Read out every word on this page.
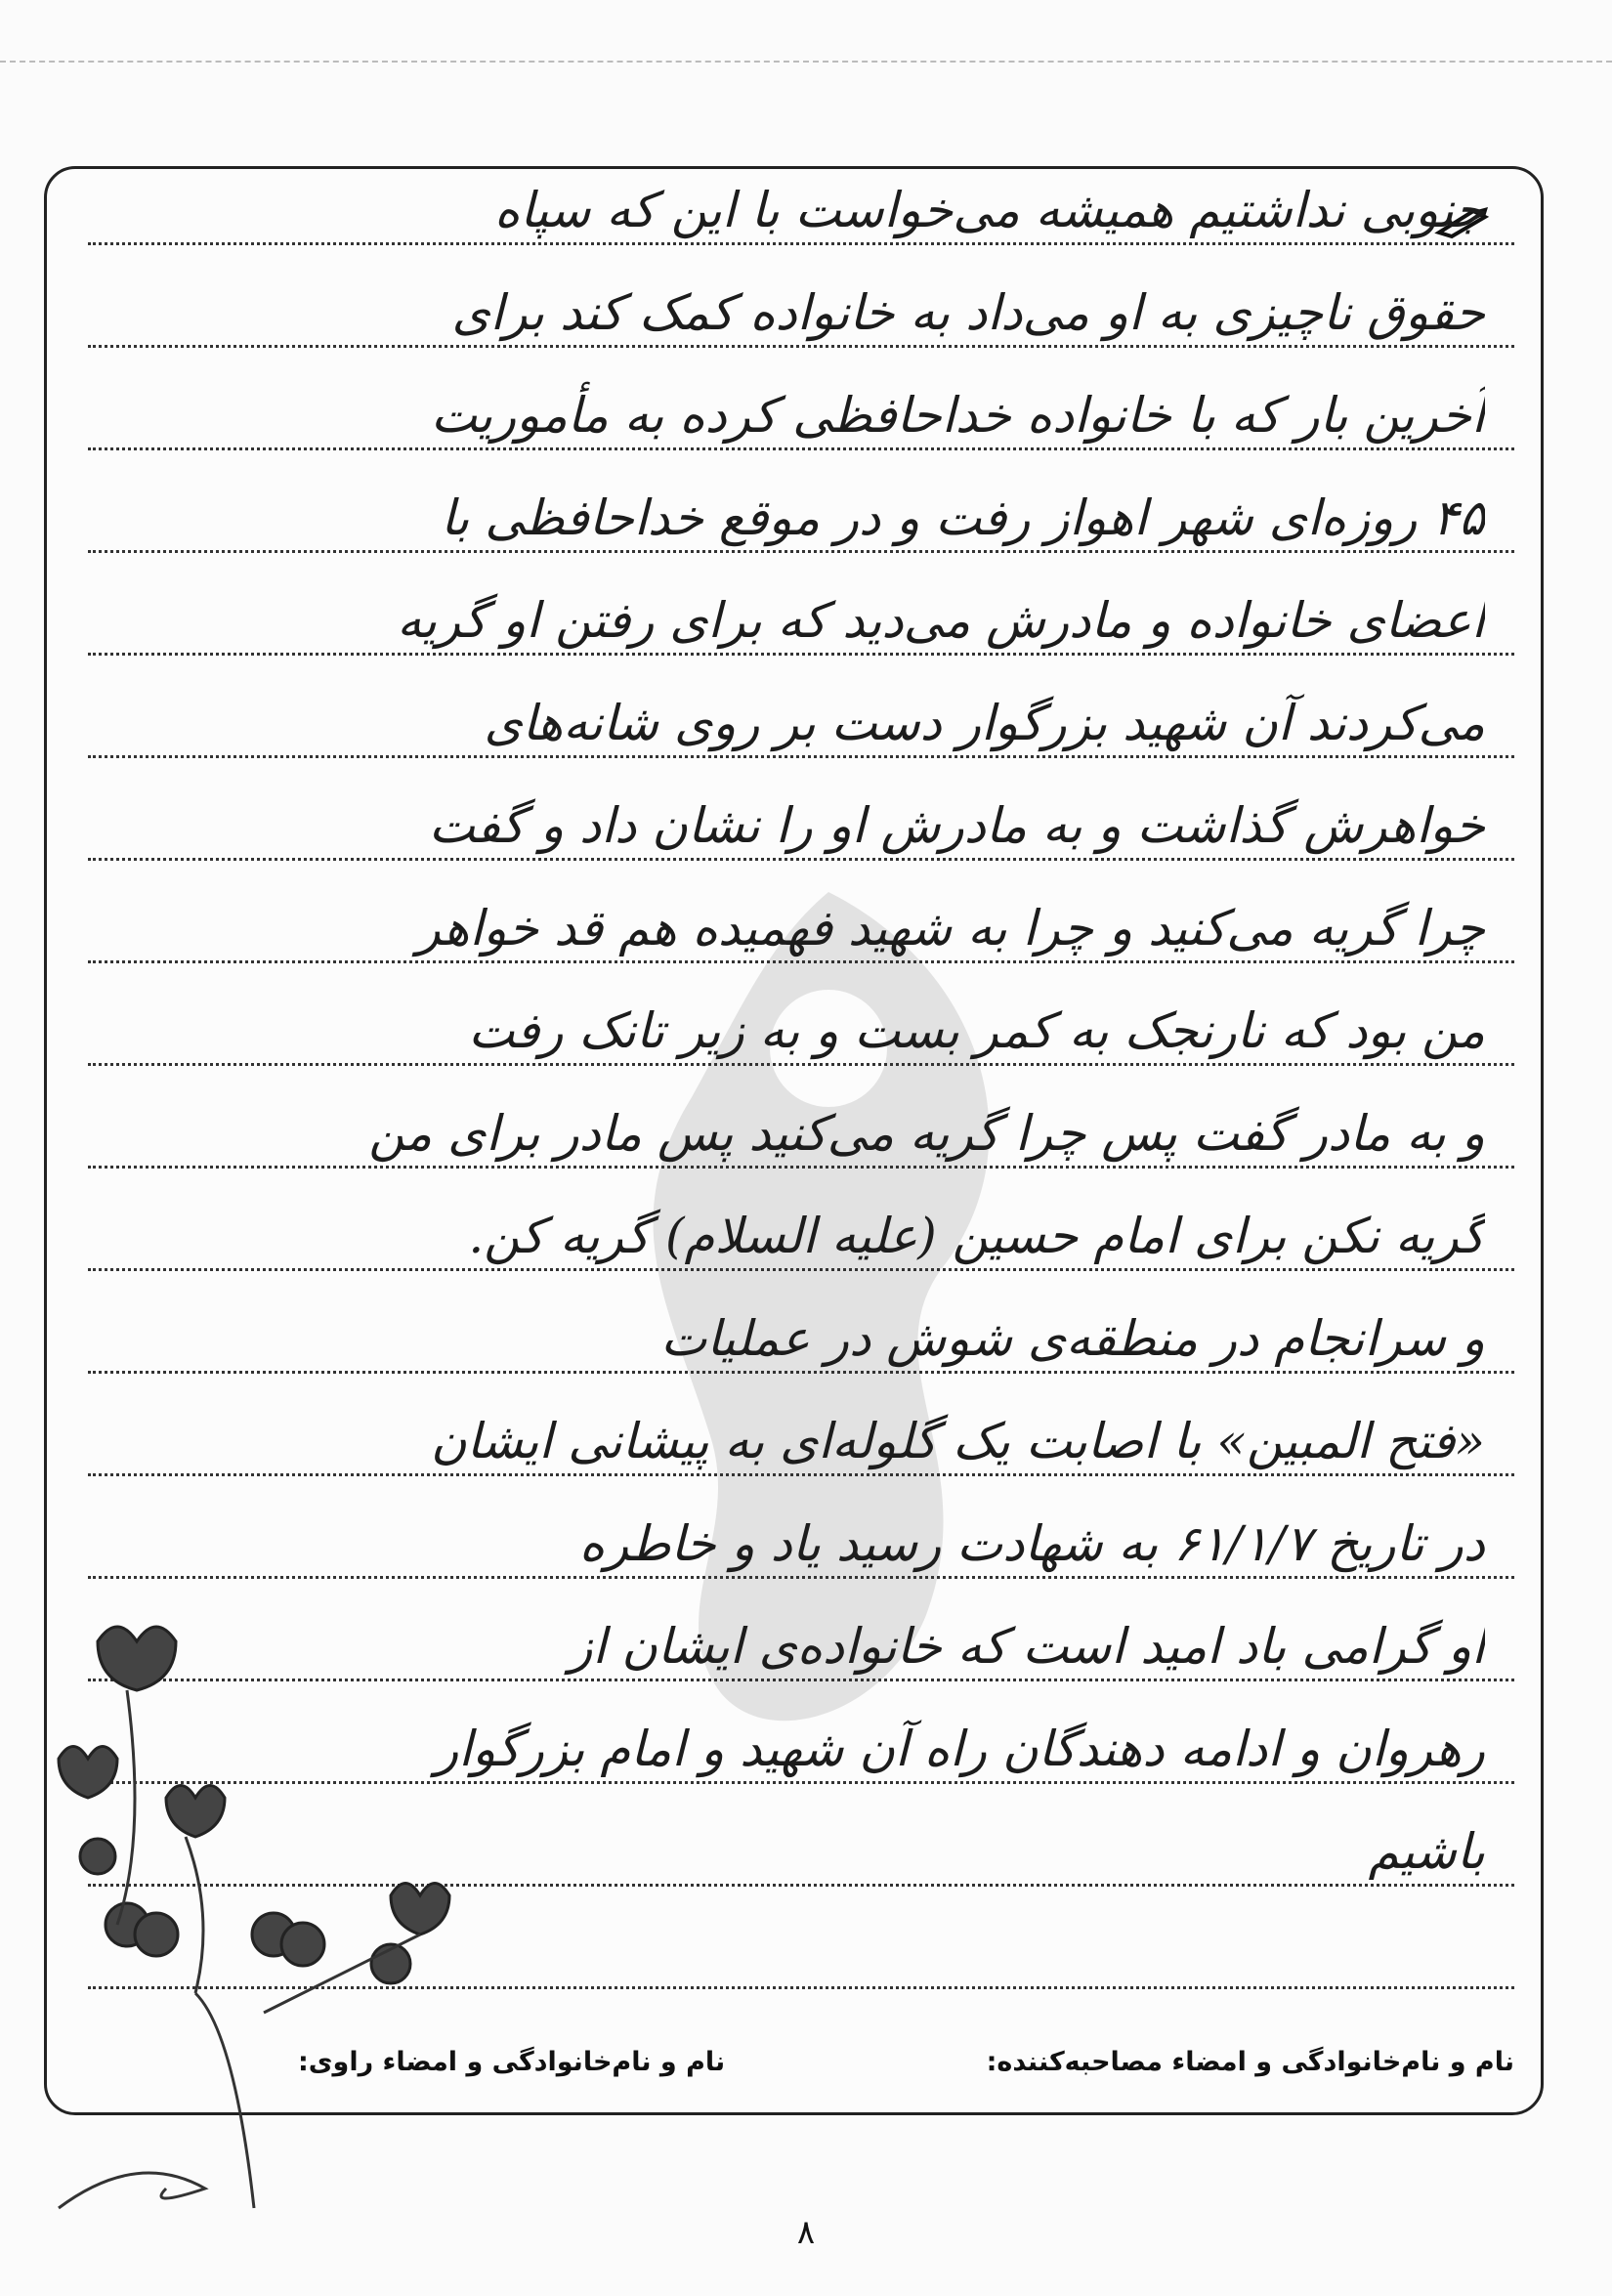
جنوبی نداشتیم همیشه می‌خواست با این که سپاه
حقوق ناچیزی به او می‌داد به خانواده کمک کند برای
آخرین بار که با خانواده خداحافظی کرده به مأموریت
۴۵ روزه‌ای شهر اهواز رفت و در موقع خداحافظی با
اعضای خانواده و مادرش می‌دید که برای رفتن او گریه
می‌کردند آن شهید بزرگوار دست بر روی شانه‌های
خواهرش گذاشت و به مادرش او را نشان داد و گفت
چرا گریه می‌کنید و چرا به شهید فهمیده هم قد خواهر
من بود که نارنجک به کمر بست و به زیر تانک رفت
و به مادر گفت پس چرا گریه می‌کنید پس مادر برای من
گریه نکن برای امام حسین (علیه السلام) گریه کن.
و سرانجام در منطقه‌ی شوش در عملیات
«فتح المبین» با اصابت یک گلوله‌ای به پیشانی ایشان
در تاریخ ۶۱/۱/۷ به شهادت رسید یاد و خاطره
او گرامی باد امید است که خانواده‌ی ایشان از
رهروان و ادامه دهندگان راه آن شهید و امام بزرگوار
باشیم
نام و نام‌خانوادگی و امضاء مصاحبه‌کننده:
نام و نام‌خانوادگی و امضاء راوی:
۸
